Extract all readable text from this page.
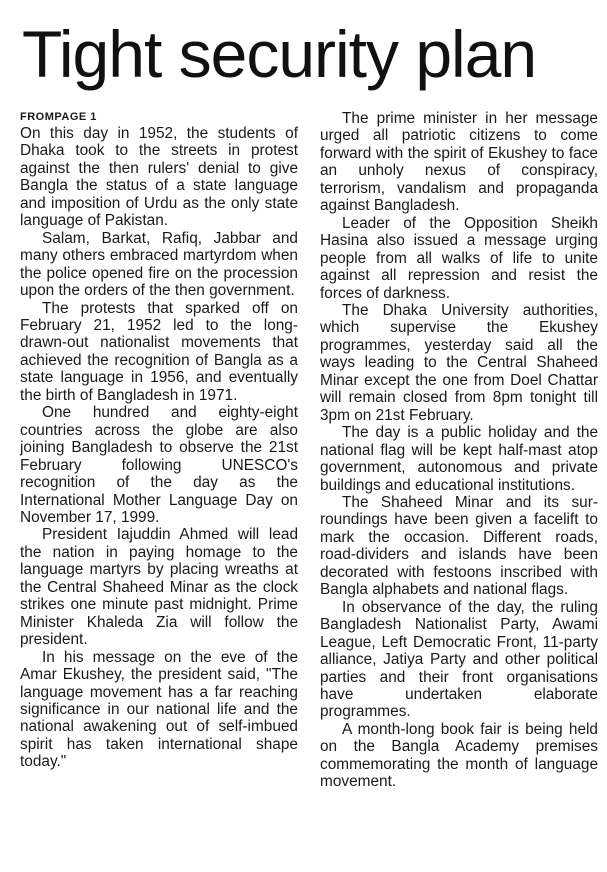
Tight security plan
FROMPAGE 1

On this day in 1952, the students of Dhaka took to the streets in protest against the then rulers' denial to give Bangla the status of a state language and imposition of Urdu as the only state language of Pakistan.

Salam, Barkat, Rafiq, Jabbar and many others embraced martyrdom when the police opened fire on the procession upon the orders of the then government.

The protests that sparked off on February 21, 1952 led to the long-drawn-out nationalist movements that achieved the recognition of Bangla as a state language in 1956, and eventually the birth of Bangladesh in 1971.

One hundred and eighty-eight countries across the globe are also joining Bangladesh to observe the 21st February following UNESCO's recognition of the day as the International Mother Language Day on November 17, 1999.

President Iajuddin Ahmed will lead the nation in paying homage to the language martyrs by placing wreaths at the Central Shaheed Minar as the clock strikes one minute past midnight. Prime Minister Khaleda Zia will follow the president.

In his message on the eve of the Amar Ekushey, the president said, "The language movement has a far reaching significance in our national life and the national awakening out of self-imbued spirit has taken international shape today."

The prime minister in her message urged all patriotic citizens to come forward with the spirit of Ekushey to face an unholy nexus of conspiracy, terrorism, vandalism and propaganda against Bangladesh.

Leader of the Opposition Sheikh Hasina also issued a message urging people from all walks of life to unite against all repression and resist the forces of darkness.

The Dhaka University authorities, which supervise the Ekushey programmes, yesterday said all the ways leading to the Central Shaheed Minar except the one from Doel Chattar will remain closed from 8pm tonight till 3pm on 21st February.

The day is a public holiday and the national flag will be kept half-mast atop government, autonomous and private buildings and educational institutions.

The Shaheed Minar and its surroundings have been given a facelift to mark the occasion. Different roads, road-dividers and islands have been decorated with festoons inscribed with Bangla alphabets and national flags.

In observance of the day, the ruling Bangladesh Nationalist Party, Awami League, Left Democratic Front, 11-party alliance, Jatiya Party and other political parties and their front organisations have undertaken elaborate programmes.

A month-long book fair is being held on the Bangla Academy premises commemorating the month of language movement.
